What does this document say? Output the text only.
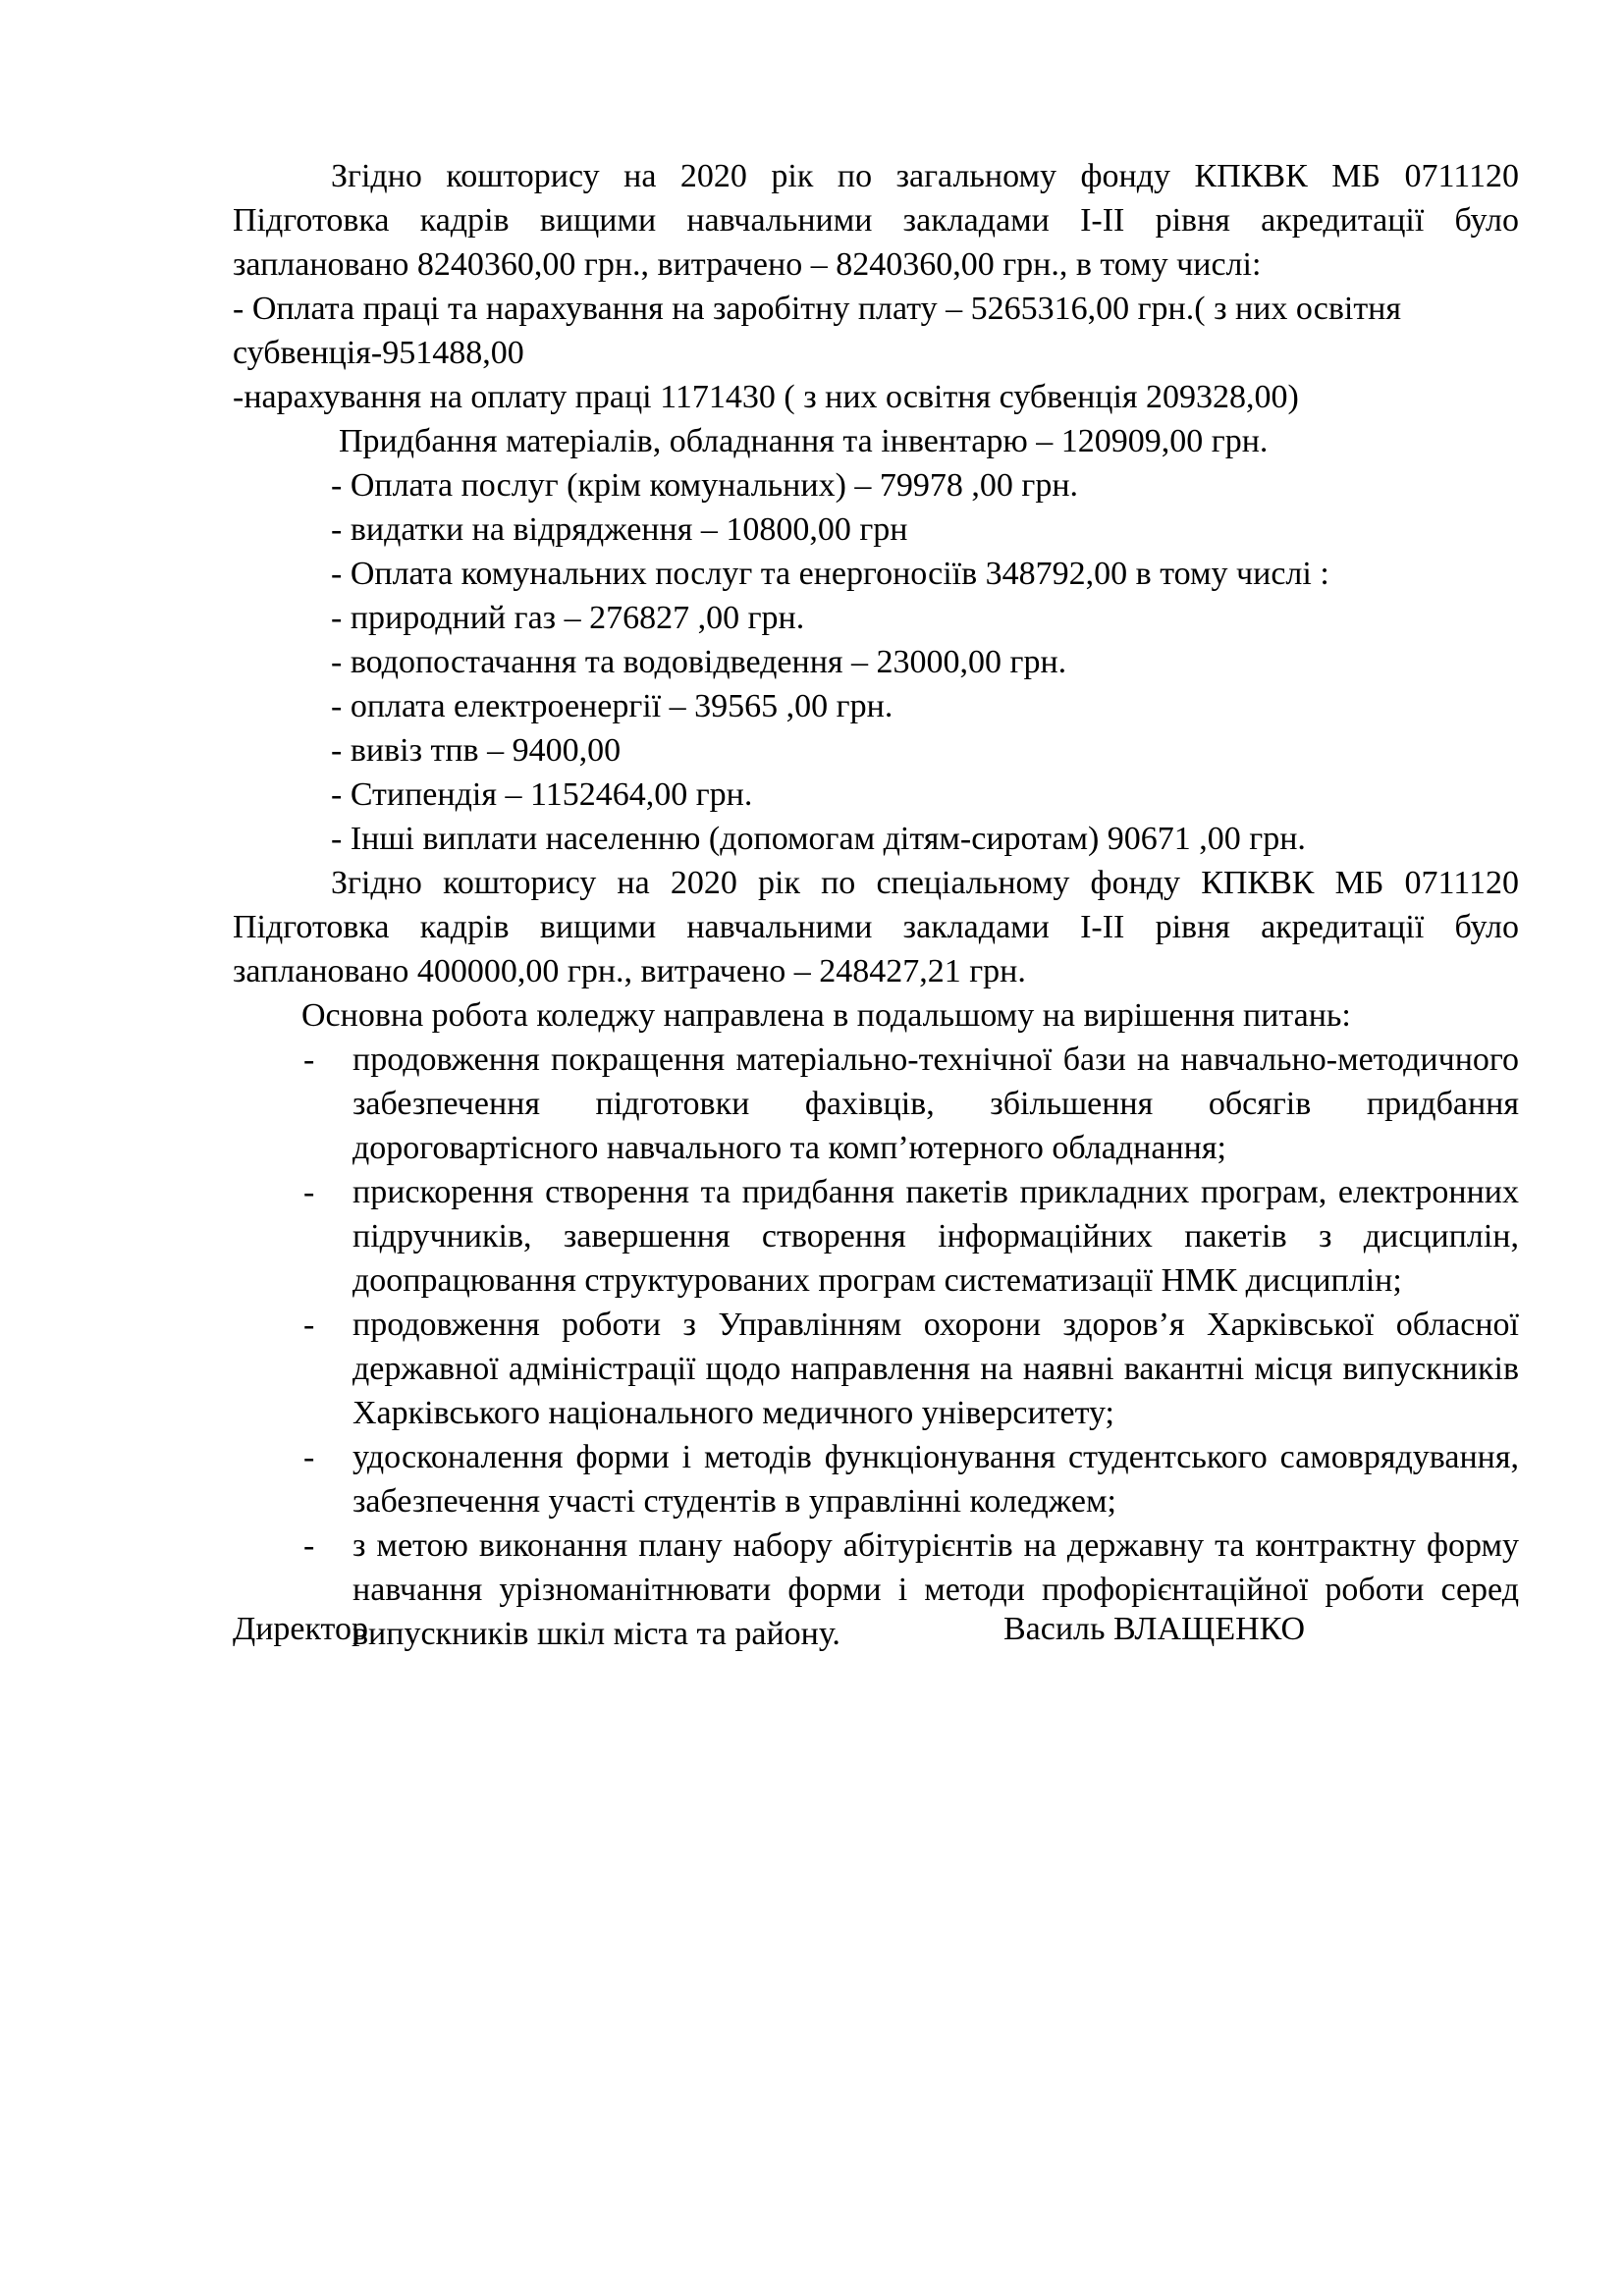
Згідно кошторису на 2020 рік по загальному фонду КПКВК МБ 0711120 Підготовка кадрів вищими навчальними закладами I-II рівня акредитації було заплановано 8240360,00 грн., витрачено – 8240360,00 грн., в тому числі:

- Оплата праці та нарахування на заробітну плату – 5265316,00 грн.( з них освітня субвенція-951488,00

-нарахування на оплату праці 1171430 ( з них освітня субвенція 209328,00)

Придбання матеріалів, обладнання та інвентарю – 120909,00 грн.

- Оплата послуг (крім комунальних) – 79978 ,00 грн.

- видатки на відрядження – 10800,00 грн

- Оплата комунальних послуг та енергоносіїв 348792,00 в тому числі :

- природний газ – 276827 ,00 грн.

- водопостачання та водовідведення – 23000,00 грн.

- оплата електроенергії – 39565 ,00 грн.

- вивіз тпв – 9400,00

- Стипендія – 1152464,00 грн.

- Інші виплати населенню (допомогам дітям-сиротам) 90671 ,00 грн.

Згідно кошторису на 2020 рік по спеціальному фонду КПКВК МБ 0711120 Підготовка кадрів вищими навчальними закладами I-II рівня акредитації було заплановано 400000,00 грн., витрачено – 248427,21 грн.

Основна робота коледжу направлена в подальшому на вирішення питань:

- продовження покращення матеріально-технічної бази на навчально-методичного забезпечення підготовки фахівців, збільшення обсягів придбання дороговартісного навчального та комп’ютерного обладнання;
- прискорення створення та придбання пакетів прикладних програм, електронних підручників, завершення створення інформаційних пакетів з дисциплін, доопрацювання структурованих програм систематизації НМК дисциплін;
- продовження роботи з Управлінням охорони здоров’я Харківської обласної державної адміністрації щодо направлення на наявні вакантні місця випускників Харківського національного медичного університету;
- удосконалення форми і методів функціонування студентського самоврядування, забезпечення участі студентів в управлінні коледжем;
- з метою виконання плану набору абітурієнтів на державну та контрактну форму навчання урізноманітнювати форми і методи профорієнтаційної роботи серед випускників шкіл міста та району.
Директор	Василь ВЛАЩЕНКО
